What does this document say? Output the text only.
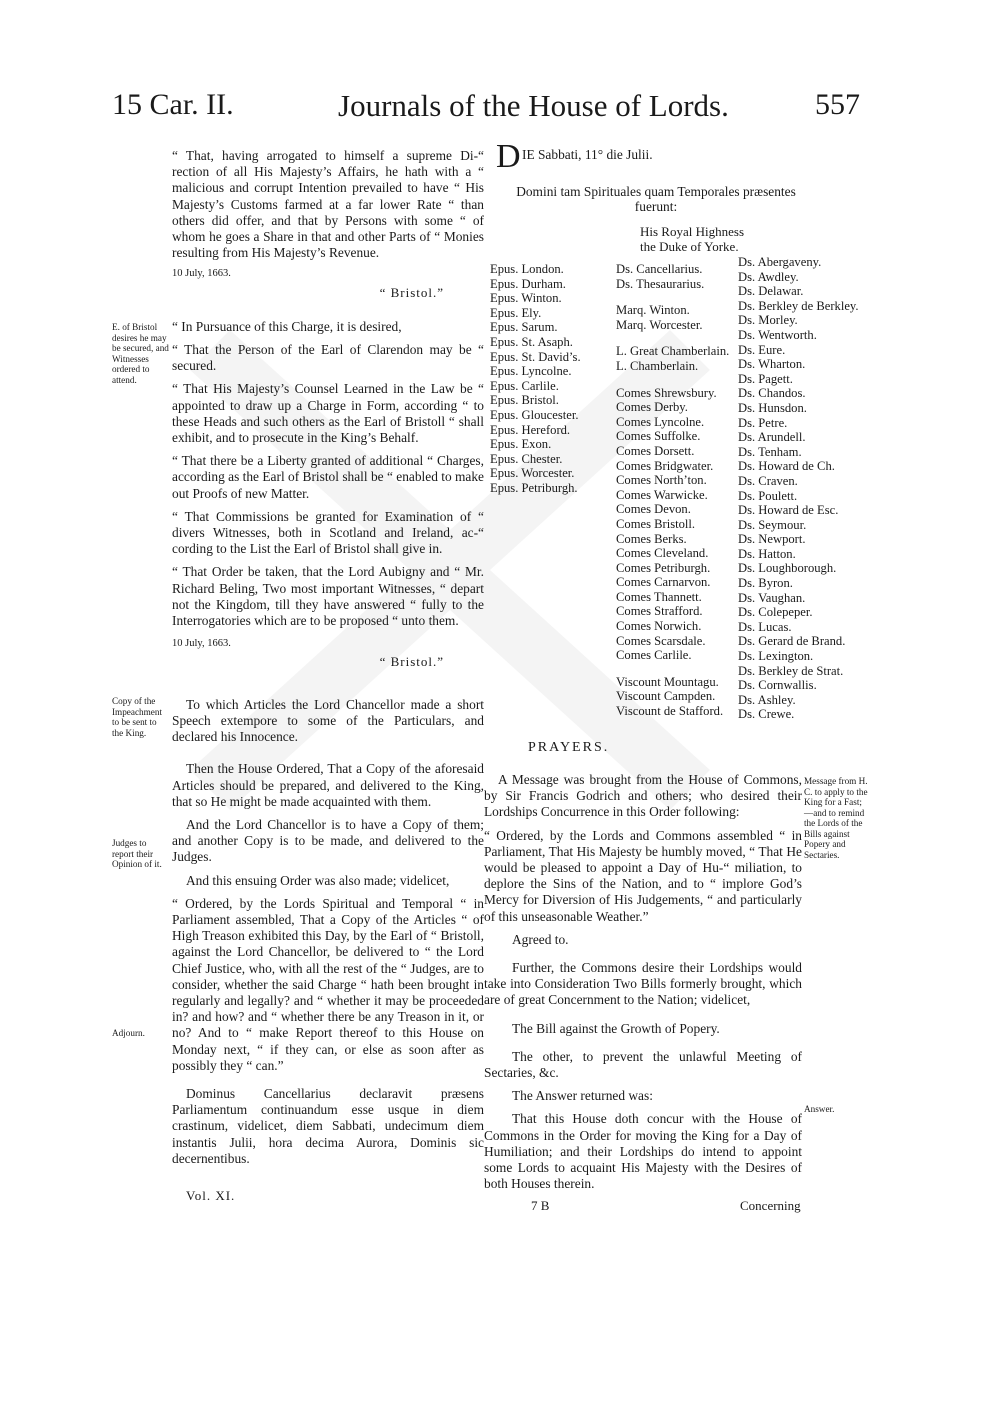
15 Car. II.	Journals of the House of Lords.	557

“ That, having arrogated to himself a supreme Di-“ rection of all His Majesty’s Affairs, he hath with a “ malicious and corrupt Intention prevailed to have “ His Majesty’s Customs farmed at a far lower Rate “ than others did offer, and that by Persons with some “ of whom he goes a Share in that and other Parts of “ Monies resulting from His Majesty’s Revenue.

10 July, 1663.
“ Bristol.”

“ In Pursuance of this Charge, it is desired,

“ That the Person of the Earl of Clarendon may be “ secured.

“ That His Majesty’s Counsel Learned in the Law be “ appointed to draw up a Charge in Form, according “ to these Heads and such others as the Earl of Bristoll “ shall exhibit, and to prosecute in the King’s Behalf.

“ That there be a Liberty granted of additional “ Charges, according as the Earl of Bristol shall be “ enabled to make out Proofs of new Matter.

“ That Commissions be granted for Examination of “ divers Witnesses, both in Scotland and Ireland, ac-“ cording to the List the Earl of Bristol shall give in.

“ That Order be taken, that the Lord Aubigny and “ Mr. Richard Beling, Two most important Witnesses, “ depart not the Kingdom, till they have answered “ fully to the Interrogatories which are to be proposed “ unto them.

10 July, 1663.
“ Bristol.”

To which Articles the Lord Chancellor made a short Speech extempore to some of the Particulars, and declared his Innocence.

Then the House Ordered, That a Copy of the aforesaid Articles should be prepared, and delivered to the King, that so He might be made acquainted with them.

And the Lord Chancellor is to have a Copy of them; and another Copy is to be made, and delivered to the Judges.

And this ensuing Order was also made; videlicet,

“ Ordered, by the Lords Spiritual and Temporal “ in Parliament assembled, That a Copy of the Articles “ of High Treason exhibited this Day, by the Earl of “ Bristoll, against the Lord Chancellor, be delivered to “ the Lord Chief Justice, who, with all the rest of the “ Judges, are to consider, whether the said Charge “ hath been brought in regularly and legally? and “ whether it may be proceeded in? and how? and “ whether there be any Treason in it, or no? And to “ make Report thereof to this House on Monday next, “ if they can, or else as soon after as possibly they “ can.”

Dominus Cancellarius declaravit præsens Parliamentum continuandum esse usque in diem crastinum, videlicet, diem Sabbati, undecimum diem instantis Julii, hora decima Aurora, Dominis sic decernentibus.

E. of Bristol desires he may be secured, and Witnesses ordered to attend.
Copy of the Impeachment to be sent to the King.
Judges to report their Opinion of it.
Adjourn.
Vol. XI.
D IE Sabbati, 11° die Julii.
Domini tam Spirituales quam Temporales præsentes fuerunt:
His Royal Highness the Duke of Yorke.
Epus. London.
Epus. Durham.
Epus. Winton.
Epus. Ely.
Epus. Sarum.
Epus. St. Asaph.
Epus. St. David’s.
Epus. Lyncolne.
Epus. Carlile.
Epus. Bristol.
Epus. Gloucester.
Epus. Hereford.
Epus. Exon.
Epus. Chester.
Epus. Worcester.
Epus. Petriburgh.
Ds. Cancellarius.
Ds. Thesaurarius.
Marq. Winton.
Marq. Worcester.
L. Great Chamberlain.
L. Chamberlain.
Comes Shrewsbury.
Comes Derby.
Comes Lyncolne.
Comes Suffolke.
Comes Dorsett.
Comes Bridgwater.
Comes North’ton.
Comes Warwicke.
Comes Devon.
Comes Bristoll.
Comes Berks.
Comes Cleveland.
Comes Petriburgh.
Comes Carnarvon.
Comes Thannett.
Comes Strafford.
Comes Norwich.
Comes Scarsdale.
Comes Carlile.
Viscount Mountagu.
Viscount Campden.
Viscount de Stafford.
Ds. Abergaveny.
Ds. Awdley.
Ds. Delawar.
Ds. Berkley de Berkley.
Ds. Morley.
Ds. Wentworth.
Ds. Eure.
Ds. Wharton.
Ds. Pagett.
Ds. Chandos.
Ds. Hunsdon.
Ds. Petre.
Ds. Arundell.
Ds. Tenham.
Ds. Howard de Ch.
Ds. Craven.
Ds. Poulett.
Ds. Howard de Esc.
Ds. Seymour.
Ds. Newport.
Ds. Hatton.
Ds. Loughborough.
Ds. Byron.
Ds. Vaughan.
Ds. Colepeper.
Ds. Lucas.
Ds. Gerard de Brand.
Ds. Lexington.
Ds. Berkley de Strat.
Ds. Cornwallis.
Ds. Ashley.
Ds. Crewe.
PRAYERS.

A Message was brought from the House of Commons, by Sir Francis Godrich and others; who desired their Lordships Concurrence in this Order following:

“ Ordered, by the Lords and Commons assembled “ in Parliament, That His Majesty be humbly moved, “ That He would be pleased to appoint a Day of Hu-“ miliation, to deplore the Sins of the Nation, and to “ implore God’s Mercy for Diversion of His Judgements, “ and particularly of this unseasonable Weather.”

Agreed to.

Further, the Commons desire their Lordships would take into Consideration Two Bills formerly brought, which are of great Concernment to the Nation; videlicet,

The Bill against the Growth of Popery.

The other, to prevent the unlawful Meeting of Sectaries, &c.

The Answer returned was:

That this House doth concur with the House of Commons in the Order for moving the King for a Day of Humiliation; and their Lordships do intend to appoint some Lords to acquaint His Majesty with the Desires of both Houses therein.

Message from H. C. to apply to the King for a Fast;—and to remind the Lords of the Bills against Popery and Sectaries.
Answer.
7 B	Concerning
